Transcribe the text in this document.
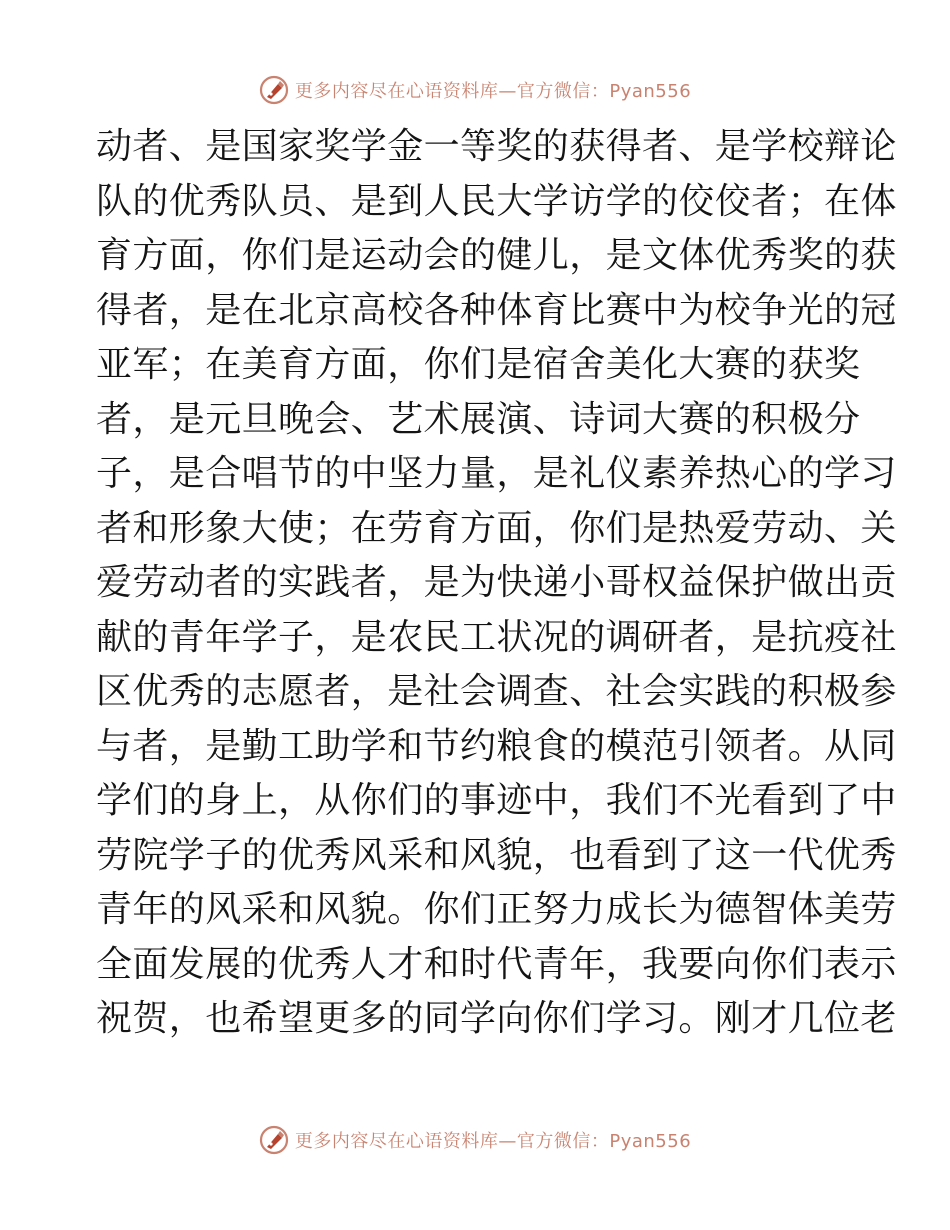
更多内容尽在心语资料库—官方微信：Pyan556
动者、是国家奖学金一等奖的获得者、是学校辩论
队的优秀队员、是到人民大学访学的佼佼者；在体
育方面，你们是运动会的健儿，是文体优秀奖的获
得者，是在北京高校各种体育比赛中为校争光的冠
亚军；在美育方面，你们是宿舍美化大赛的获奖
者，是元旦晚会、艺术展演、诗词大赛的积极分
子，是合唱节的中坚力量，是礼仪素养热心的学习
者和形象大使；在劳育方面，你们是热爱劳动、关
爱劳动者的实践者，是为快递小哥权益保护做出贡
献的青年学子，是农民工状况的调研者，是抗疫社
区优秀的志愿者，是社会调查、社会实践的积极参
与者，是勤工助学和节约粮食的模范引领者。从同
学们的身上，从你们的事迹中，我们不光看到了中
劳院学子的优秀风采和风貌，也看到了这一代优秀
青年的风采和风貌。你们正努力成长为德智体美劳
全面发展的优秀人才和时代青年，我要向你们表示
祝贺，也希望更多的同学向你们学习。刚才几位老
更多内容尽在心语资料库—官方微信：Pyan556
